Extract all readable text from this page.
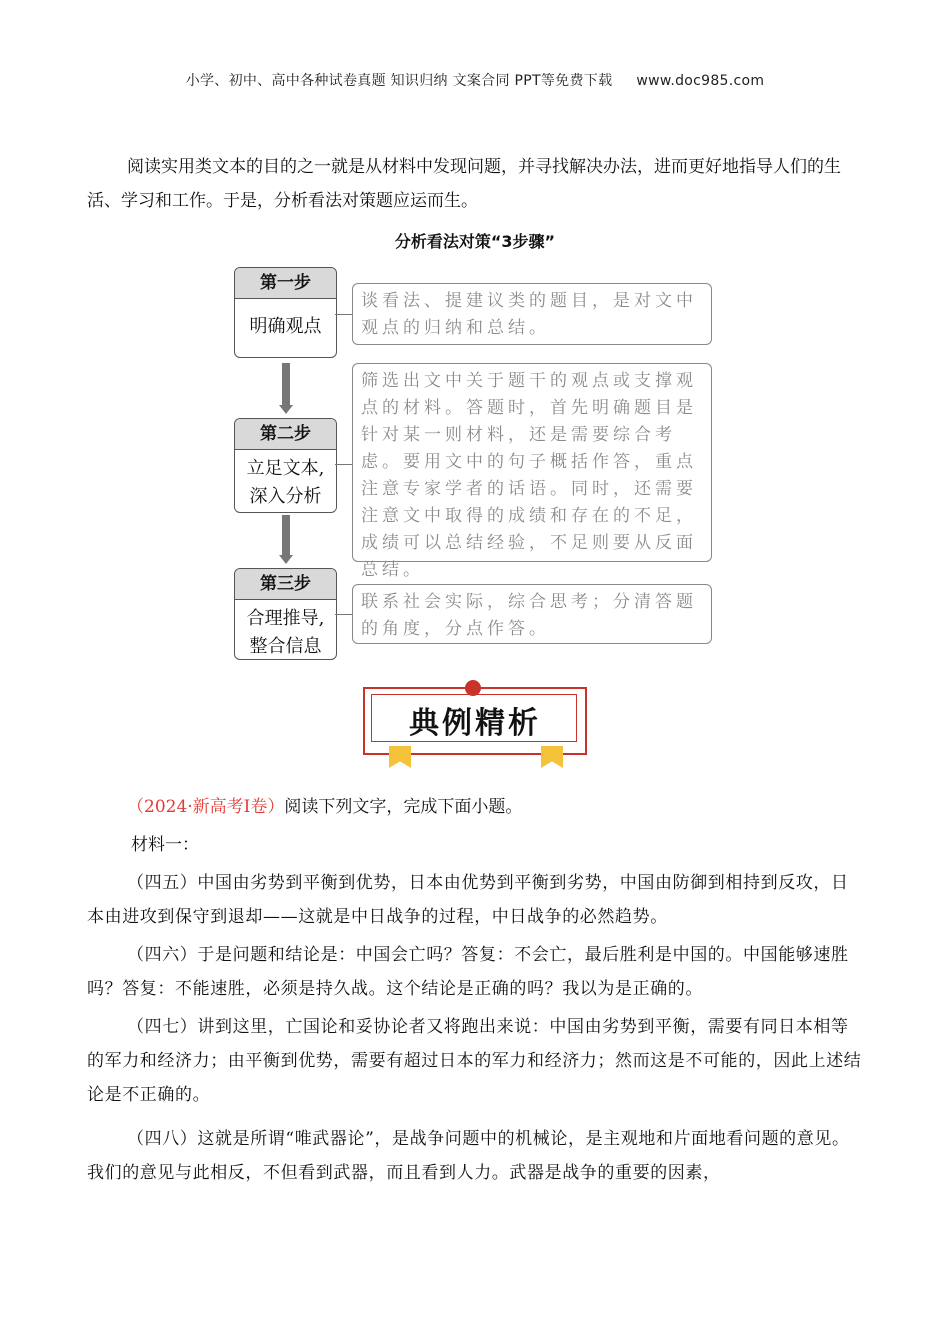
小学、初中、高中各种试卷真题 知识归纳 文案合同 PPT等免费下载 www.doc985.com
阅读实用类文本的目的之一就是从材料中发现问题，并寻找解决办法，进而更好地指导人们的生活、学习和工作。于是，分析看法对策题应运而生。
分析看法对策“3步骤”
第一步
明确观点
谈看法、提建议类的题目，是对文中观点的归纳和总结。
第二步
立足文本,
深入分析
筛选出文中关于题干的观点或支撑观点的材料。答题时，首先明确题目是针对某一则材料，还是需要综合考虑。要用文中的句子概括作答，重点注意专家学者的话语。同时，还需要注意文中取得的成绩和存在的不足，成绩可以总结经验，不足则要从反面总结。
第三步
合理推导,
整合信息
联系社会实际，综合思考；分清答题的角度，分点作答。
典例精析
（2024·新高考Ⅰ卷）阅读下列文字，完成下面小题。
材料一：
（四五）中国由劣势到平衡到优势，日本由优势到平衡到劣势，中国由防御到相持到反攻，日本由进攻到保守到退却——这就是中日战争的过程，中日战争的必然趋势。
（四六）于是问题和结论是：中国会亡吗？答复：不会亡，最后胜利是中国的。中国能够速胜吗？答复：不能速胜，必须是持久战。这个结论是正确的吗？我以为是正确的。
（四七）讲到这里，亡国论和妥协论者又将跑出来说：中国由劣势到平衡，需要有同日本相等的军力和经济力；由平衡到优势，需要有超过日本的军力和经济力；然而这是不可能的，因此上述结论是不正确的。
（四八）这就是所谓“唯武器论”，是战争问题中的机械论，是主观地和片面地看问题的意见。我们的意见与此相反，不但看到武器，而且看到人力。武器是战争的重要的因素，
